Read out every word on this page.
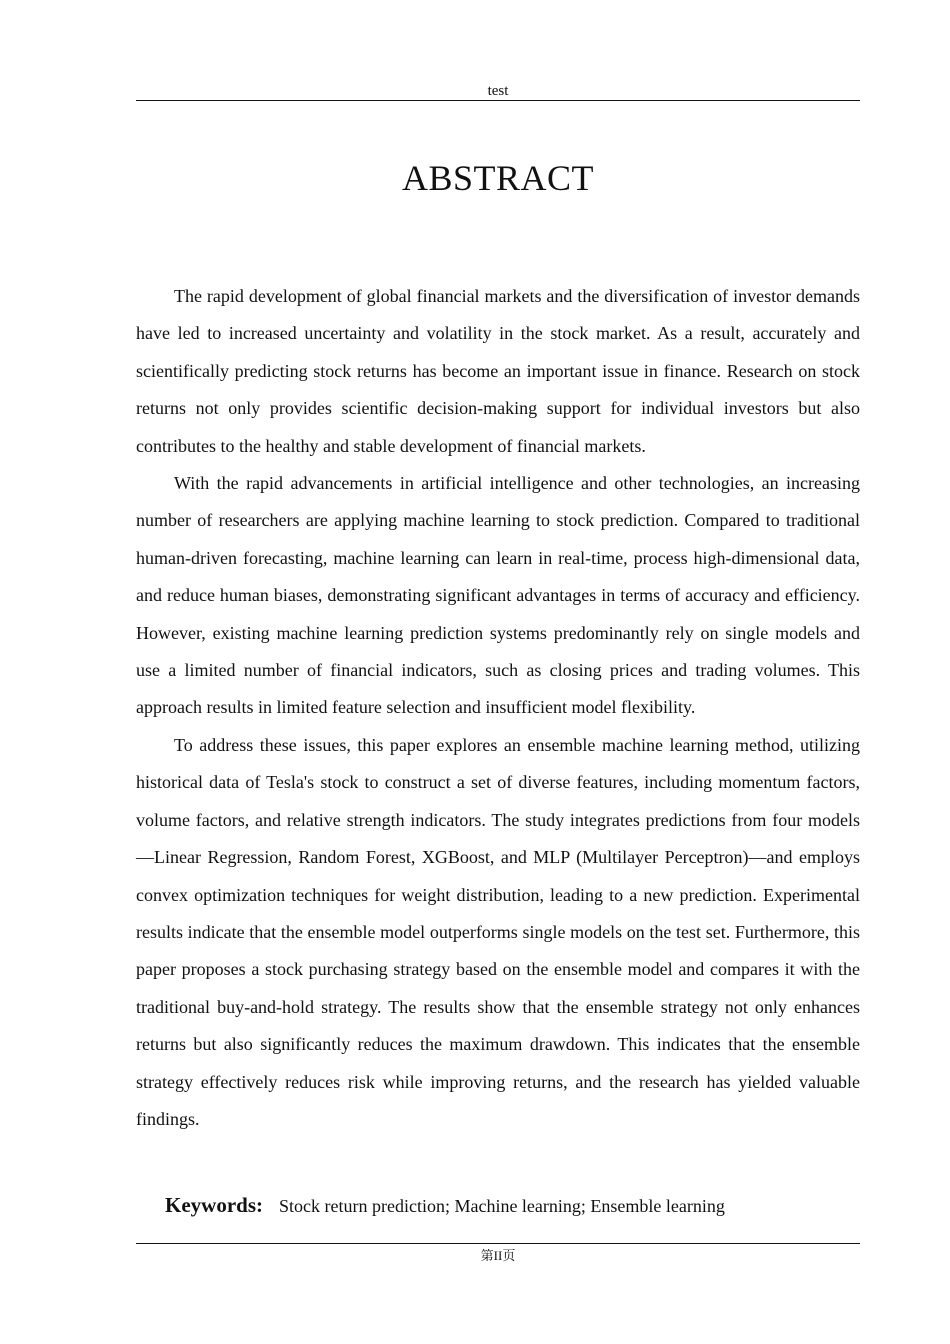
test
ABSTRACT

The rapid development of global financial markets and the diversification of investor demands have led to increased uncertainty and volatility in the stock market. As a result, accurately and scientifically predicting stock returns has become an important issue in finance. Research on stock returns not only provides scientific decision-making support for individual investors but also contributes to the healthy and stable development of financial markets.

With the rapid advancements in artificial intelligence and other technologies, an increasing number of researchers are applying machine learning to stock prediction. Compared to traditional human-driven forecasting, machine learning can learn in real-time, process high-dimensional data, and reduce human biases, demonstrating significant advantages in terms of accuracy and efficiency. However, existing machine learning prediction systems predominantly rely on single models and use a limited number of financial indicators, such as closing prices and trading volumes. This approach results in limited feature selection and insufficient model flexibility.

To address these issues, this paper explores an ensemble machine learning method, utilizing historical data of Tesla's stock to construct a set of diverse features, including momentum factors, volume factors, and relative strength indicators. The study integrates predictions from four models—Linear Regression, Random Forest, XGBoost, and MLP (Multilayer Perceptron)—and employs convex optimization techniques for weight distribution, leading to a new prediction. Experimental results indicate that the ensemble model outperforms single models on the test set. Furthermore, this paper proposes a stock purchasing strategy based on the ensemble model and compares it with the traditional buy-and-hold strategy. The results show that the ensemble strategy not only enhances returns but also significantly reduces the maximum drawdown. This indicates that the ensemble strategy effectively reduces risk while improving returns, and the research has yielded valuable findings.

Keywords: Stock return prediction; Machine learning; Ensemble learning
第II页
